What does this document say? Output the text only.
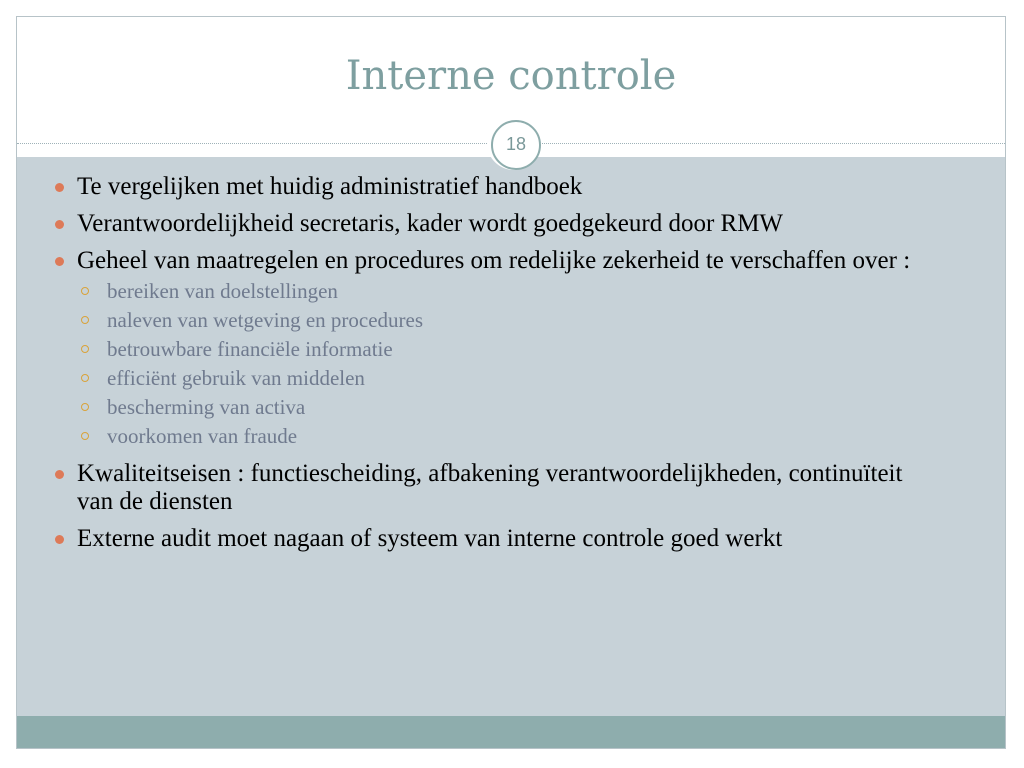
Interne controle
18
Te vergelijken met huidig administratief handboek
Verantwoordelijkheid secretaris, kader wordt goedgekeurd door RMW
Geheel van maatregelen en procedures om redelijke zekerheid te verschaffen over :
bereiken van doelstellingen
naleven van wetgeving en procedures
betrouwbare financiële informatie
efficiënt gebruik van middelen
bescherming van activa
voorkomen van fraude
Kwaliteitseisen : functiescheiding, afbakening verantwoordelijkheden, continuïteit van de diensten
Externe audit moet nagaan of systeem van interne controle goed werkt
